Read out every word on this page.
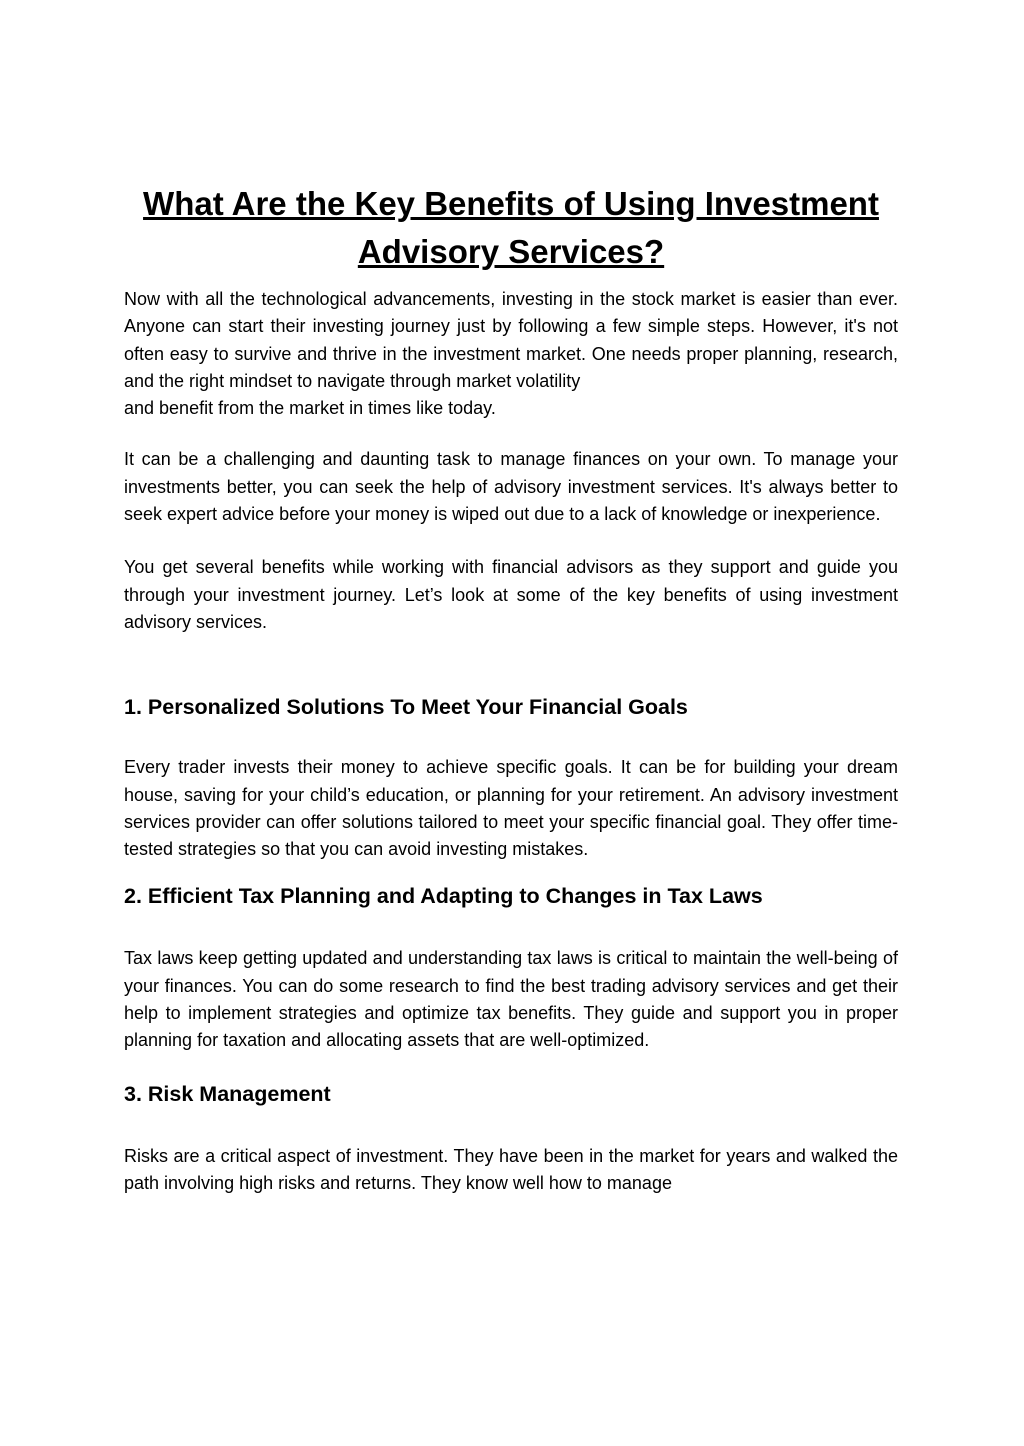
What Are the Key Benefits of Using Investment
Advisory Services?

Now with all the technological advancements, investing in the stock market is easier than ever. Anyone can start their investing journey just by following a few simple steps. However, it's not often easy to survive and thrive in the investment market. One needs proper planning, research, and the right mindset to navigate through market volatility
and benefit from the market in times like today.

It can be a challenging and daunting task to manage finances on your own. To manage your investments better, you can seek the help of advisory investment services. It's always better to seek expert advice before your money is wiped out due to a lack of knowledge or inexperience.

You get several benefits while working with financial advisors as they support and guide you through your investment journey. Let’s look at some of the key benefits of using investment advisory services.

1. Personalized Solutions To Meet Your Financial Goals

Every trader invests their money to achieve specific goals. It can be for building your dream house, saving for your child’s education, or planning for your retirement. An advisory investment services provider can offer solutions tailored to meet your specific financial goal. They offer time-tested strategies so that you can avoid investing mistakes.

2. Efficient Tax Planning and Adapting to Changes in Tax Laws

Tax laws keep getting updated and understanding tax laws is critical to maintain the well-being of your finances. You can do some research to find the best trading advisory services and get their help to implement strategies and optimize tax benefits. They guide and support you in proper planning for taxation and allocating assets that are well-optimized.

3. Risk Management

Risks are a critical aspect of investment. They have been in the market for years and walked the path involving high risks and returns. They know well how to manage
